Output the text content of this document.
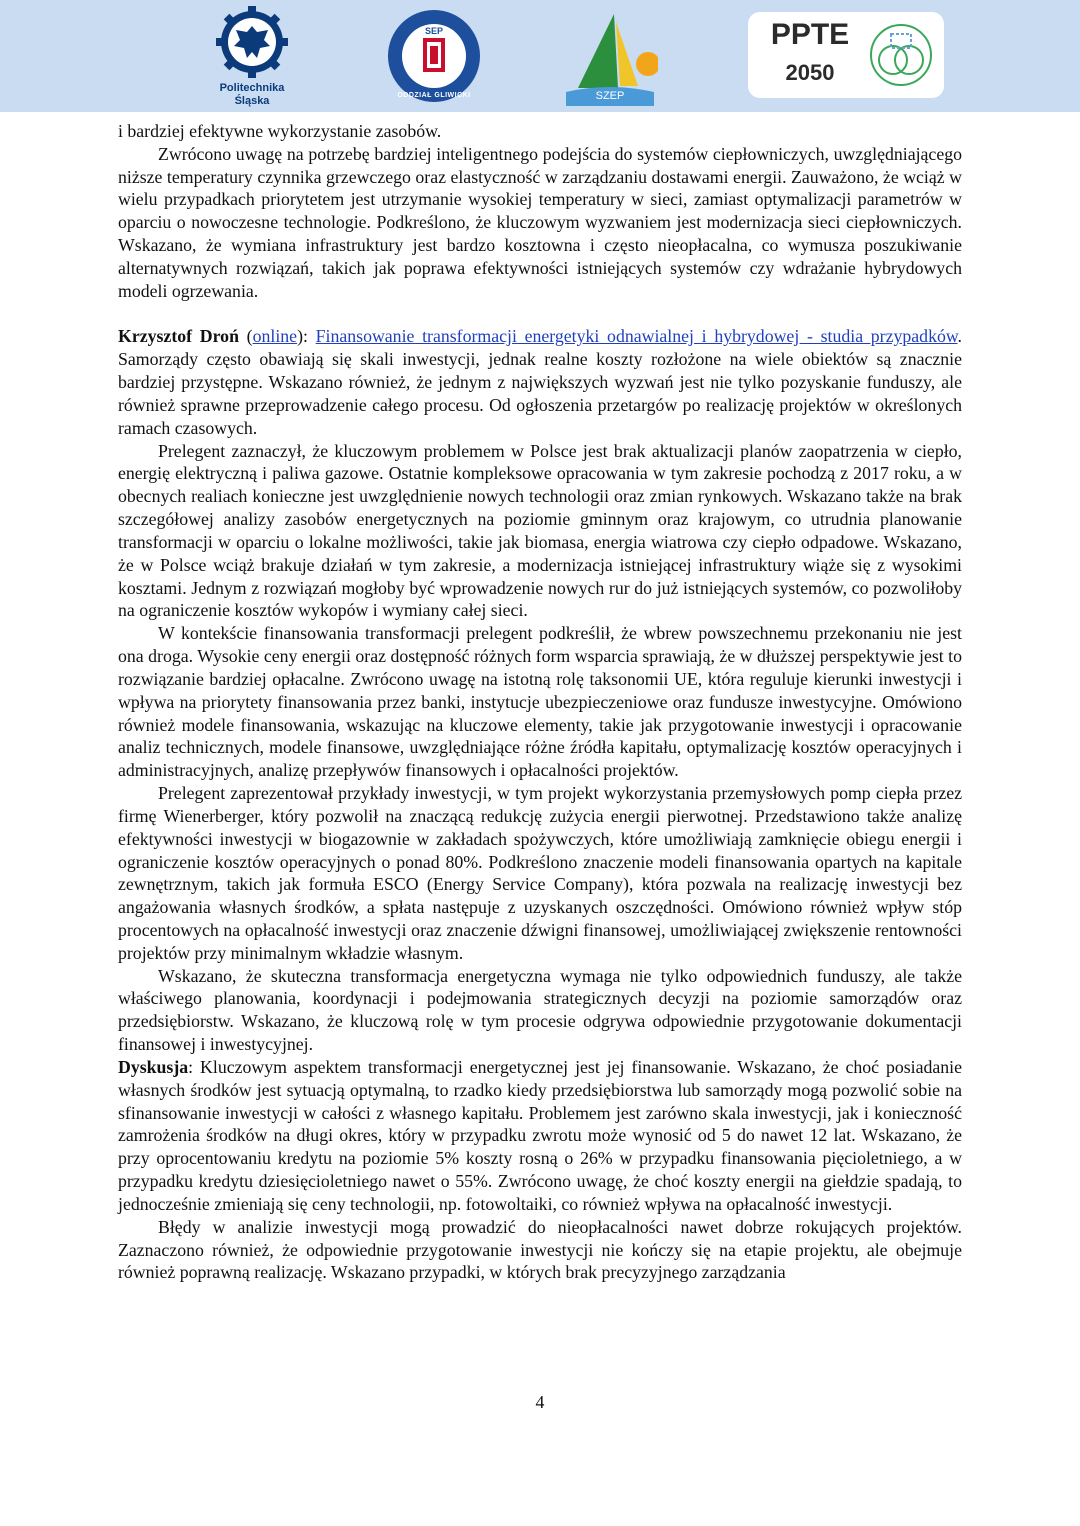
Politechnika
Śląska
SEP
ODDZIAŁ GLIWICKI	SZEP
PPTE
2050

i bardziej efektywne wykorzystanie zasobów.

Zwrócono uwagę na potrzebę bardziej inteligentnego podejścia do systemów ciepłowniczych, uwzględniającego niższe temperatury czynnika grzewczego oraz elastyczność w zarządzaniu dostawami energii. Zauważono, że wciąż w wielu przypadkach priorytetem jest utrzymanie wysokiej temperatury w sieci, zamiast optymalizacji parametrów w oparciu o nowoczesne technologie. Podkreślono, że kluczowym wyzwaniem jest modernizacja sieci ciepłowniczych. Wskazano, że wymiana infrastruktury jest bardzo kosztowna i często nieopłacalna, co wymusza poszukiwanie alternatywnych rozwiązań, takich jak poprawa efektywności istniejących systemów czy wdrażanie hybrydowych modeli ogrzewania.

Krzysztof Droń (online): Finansowanie transformacji energetyki odnawialnej i hybrydowej - studia przypadków. Samorządy często obawiają się skali inwestycji, jednak realne koszty rozłożone na wiele obiektów są znacznie bardziej przystępne. Wskazano również, że jednym z największych wyzwań jest nie tylko pozyskanie funduszy, ale również sprawne przeprowadzenie całego procesu. Od ogłoszenia przetargów po realizację projektów w określonych ramach czasowych.

Prelegent zaznaczył, że kluczowym problemem w Polsce jest brak aktualizacji planów zaopatrzenia w ciepło, energię elektryczną i paliwa gazowe. Ostatnie kompleksowe opracowania w tym zakresie pochodzą z 2017 roku, a w obecnych realiach konieczne jest uwzględnienie nowych technologii oraz zmian rynkowych. Wskazano także na brak szczegółowej analizy zasobów energetycznych na poziomie gminnym oraz krajowym, co utrudnia planowanie transformacji w oparciu o lokalne możliwości, takie jak biomasa, energia wiatrowa czy ciepło odpadowe. Wskazano, że w Polsce wciąż brakuje działań w tym zakresie, a modernizacja istniejącej infrastruktury wiąże się z wysokimi kosztami. Jednym z rozwiązań mogłoby być wprowadzenie nowych rur do już istniejących systemów, co pozwoliłoby na ograniczenie kosztów wykopów i wymiany całej sieci.

W kontekście finansowania transformacji prelegent podkreślił, że wbrew powszechnemu przekonaniu nie jest ona droga. Wysokie ceny energii oraz dostępność różnych form wsparcia sprawiają, że w dłuższej perspektywie jest to rozwiązanie bardziej opłacalne. Zwrócono uwagę na istotną rolę taksonomii UE, która reguluje kierunki inwestycji i wpływa na priorytety finansowania przez banki, instytucje ubezpieczeniowe oraz fundusze inwestycyjne. Omówiono również modele finansowania, wskazując na kluczowe elementy, takie jak przygotowanie inwestycji i opracowanie analiz technicznych, modele finansowe, uwzględniające różne źródła kapitału, optymalizację kosztów operacyjnych i administracyjnych, analizę przepływów finansowych i opłacalności projektów.

Prelegent zaprezentował przykłady inwestycji, w tym projekt wykorzystania przemysłowych pomp ciepła przez firmę Wienerberger, który pozwolił na znaczącą redukcję zużycia energii pierwotnej. Przedstawiono także analizę efektywności inwestycji w biogazownie w zakładach spożywczych, które umożliwiają zamknięcie obiegu energii i ograniczenie kosztów operacyjnych o ponad 80%. Podkreślono znaczenie modeli finansowania opartych na kapitale zewnętrznym, takich jak formuła ESCO (Energy Service Company), która pozwala na realizację inwestycji bez angażowania własnych środków, a spłata następuje z uzyskanych oszczędności. Omówiono również wpływ stóp procentowych na opłacalność inwestycji oraz znaczenie dźwigni finansowej, umożliwiającej zwiększenie rentowności projektów przy minimalnym wkładzie własnym.

Wskazano, że skuteczna transformacja energetyczna wymaga nie tylko odpowiednich funduszy, ale także właściwego planowania, koordynacji i podejmowania strategicznych decyzji na poziomie samorządów oraz przedsiębiorstw. Wskazano, że kluczową rolę w tym procesie odgrywa odpowiednie przygotowanie dokumentacji finansowej i inwestycyjnej.

Dyskusja: Kluczowym aspektem transformacji energetycznej jest jej finansowanie. Wskazano, że choć posiadanie własnych środków jest sytuacją optymalną, to rzadko kiedy przedsiębiorstwa lub samorządy mogą pozwolić sobie na sfinansowanie inwestycji w całości z własnego kapitału. Problemem jest zarówno skala inwestycji, jak i konieczność zamrożenia środków na długi okres, który w przypadku zwrotu może wynosić od 5 do nawet 12 lat. Wskazano, że przy oprocentowaniu kredytu na poziomie 5% koszty rosną o 26% w przypadku finansowania pięcioletniego, a w przypadku kredytu dziesięcioletniego nawet o 55%. Zwrócono uwagę, że choć koszty energii na giełdzie spadają, to jednocześnie zmieniają się ceny technologii, np. fotowoltaiki, co również wpływa na opłacalność inwestycji.

Błędy w analizie inwestycji mogą prowadzić do nieopłacalności nawet dobrze rokujących projektów. Zaznaczono również, że odpowiednie przygotowanie inwestycji nie kończy się na etapie projektu, ale obejmuje również poprawną realizację. Wskazano przypadki, w których brak precyzyjnego zarządzania

4
